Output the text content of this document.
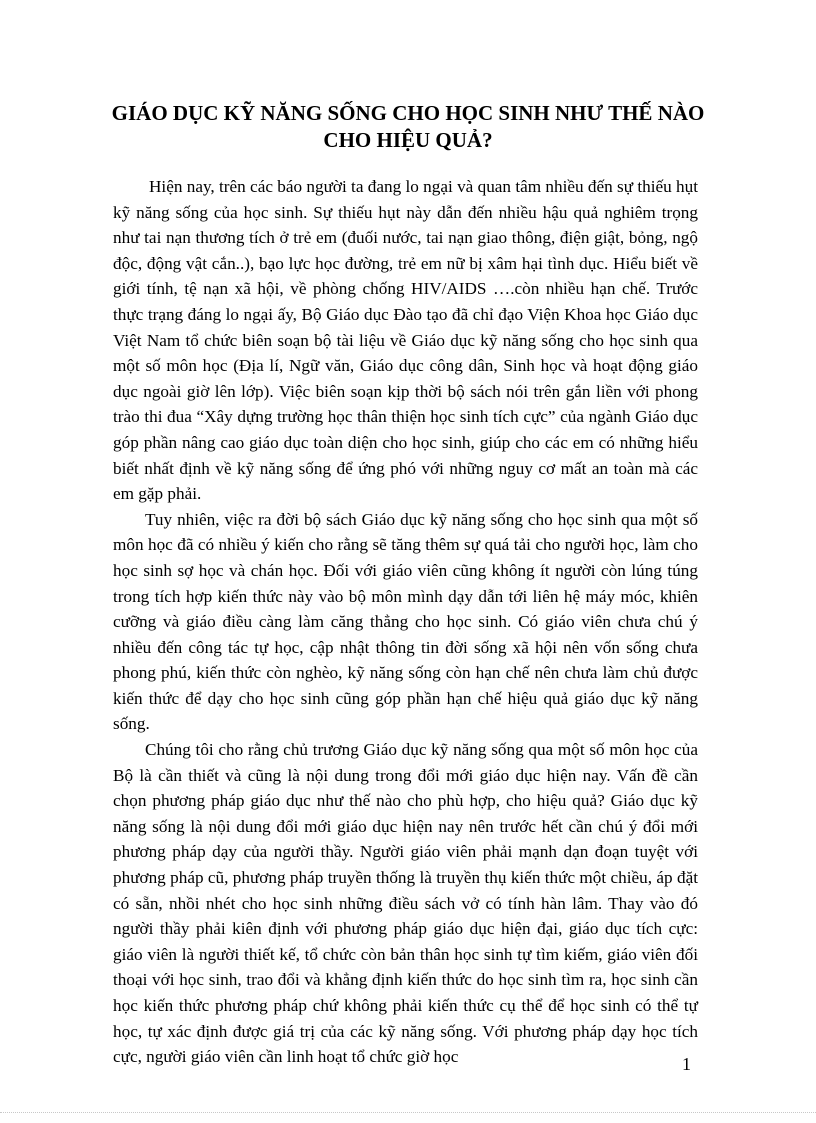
GIÁO DỤC KỸ NĂNG SỐNG CHO HỌC SINH NHƯ THẾ NÀO
CHO HIỆU QUẢ?

Hiện nay, trên các báo người ta đang lo ngại và quan tâm nhiều đến sự thiếu hụt kỹ năng sống của học sinh. Sự thiếu hụt này dẫn đến nhiều hậu quả nghiêm trọng như tai nạn thương tích ở trẻ em (đuối nước, tai nạn giao thông, điện giật, bỏng, ngộ độc, động vật cắn..), bạo lực học đường, trẻ em nữ bị xâm hại tình dục. Hiểu biết về giới tính, tệ nạn xã hội, về phòng chống HIV/AIDS ….còn nhiều hạn chế. Trước thực trạng đáng lo ngại ấy, Bộ Giáo dục Đào tạo đã chỉ đạo Viện Khoa học Giáo dục Việt Nam tổ chức biên soạn bộ tài liệu về Giáo dục kỹ năng sống cho học sinh qua một số môn học (Địa lí, Ngữ văn, Giáo dục công dân, Sinh học và hoạt động giáo dục ngoài giờ lên lớp). Việc biên soạn kịp thời bộ sách nói trên gắn liền với phong trào thi đua “Xây dựng trường học thân thiện học sinh tích cực” của ngành Giáo dục góp phần nâng cao giáo dục toàn diện cho học sinh, giúp cho các em có những hiểu biết nhất định về kỹ năng sống để ứng phó với những nguy cơ mất an toàn mà các em gặp phải.

Tuy nhiên, việc ra đời bộ sách Giáo dục kỹ năng sống cho học sinh qua một số môn học đã có nhiều ý kiến cho rằng sẽ tăng thêm sự quá tải cho người học, làm cho học sinh sợ học và chán học. Đối với giáo viên cũng không ít người còn lúng túng trong tích hợp kiến thức này vào bộ môn mình dạy dẫn tới liên hệ máy móc, khiên cưỡng và giáo điều càng làm căng thẳng cho học sinh. Có giáo viên chưa chú ý nhiều đến công tác tự học, cập nhật thông tin đời sống xã hội nên vốn sống chưa phong phú, kiến thức còn nghèo, kỹ năng sống còn hạn chế nên chưa làm chủ được kiến thức để dạy cho học sinh cũng góp phần hạn chế hiệu quả giáo dục kỹ năng sống.

Chúng tôi cho rằng chủ trương Giáo dục kỹ năng sống qua một số môn học của Bộ là cần thiết và cũng là nội dung trong đổi mới giáo dục hiện nay. Vấn đề cần chọn phương pháp giáo dục như thế nào cho phù hợp, cho hiệu quả? Giáo dục kỹ năng sống là nội dung đổi mới giáo dục hiện nay nên trước hết cần chú ý đổi mới phương pháp dạy của người thầy. Người giáo viên phải mạnh dạn đoạn tuyệt với phương pháp cũ, phương pháp truyền thống là truyền thụ kiến thức một chiều, áp đặt có sẵn, nhồi nhét cho học sinh những điều sách vở có tính hàn lâm. Thay vào đó người thầy phải kiên định với phương pháp giáo dục hiện đại, giáo dục tích cực: giáo viên là người thiết kế, tổ chức còn bản thân học sinh tự tìm kiếm, giáo viên đối thoại với học sinh, trao đổi và khẳng định kiến thức do học sinh tìm ra, học sinh cần học kiến thức phương pháp chứ không phải kiến thức cụ thể để học sinh có thể tự học, tự xác định được giá trị của các kỹ năng sống. Với phương pháp dạy học tích cực, người giáo viên cần linh hoạt tổ chức giờ học	1
